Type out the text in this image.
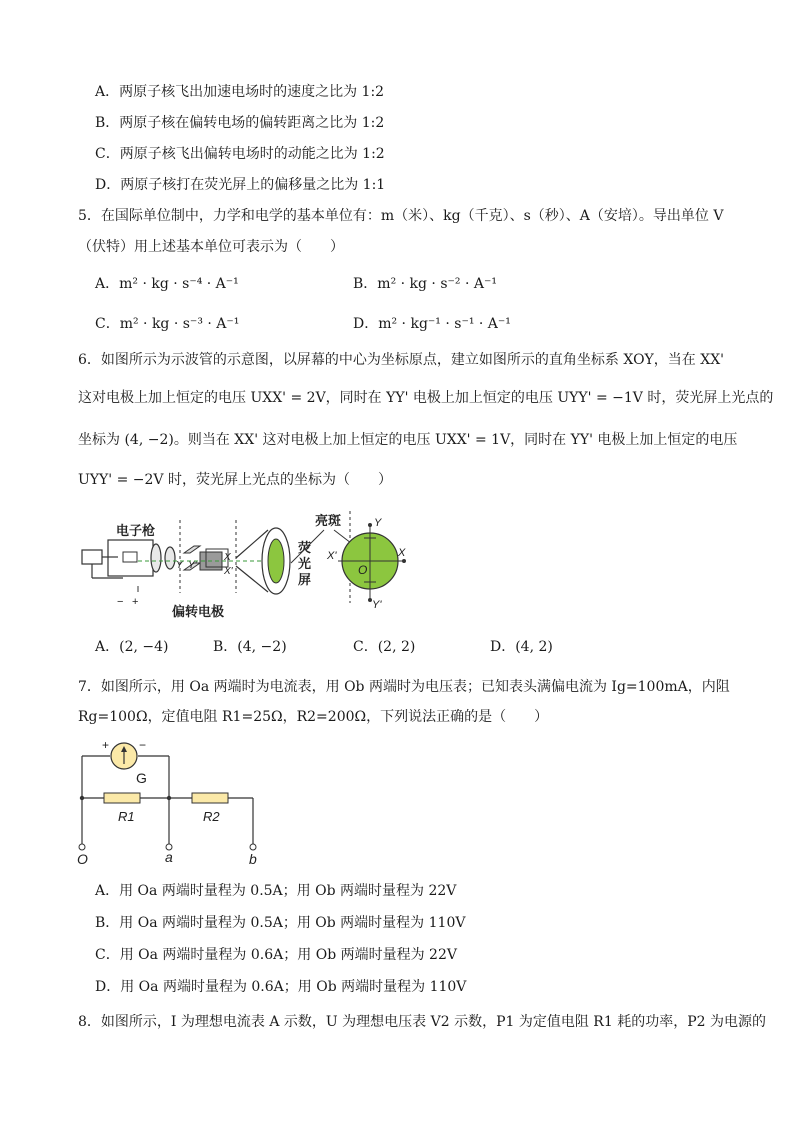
A．两原子核飞出加速电场时的速度之比为 1:2
B．两原子核在偏转电场的偏转距离之比为 1:2
C．两原子核飞出偏转电场时的动能之比为 1:2
D．两原子核打在荧光屏上的偏移量之比为 1:1
5．在国际单位制中，力学和电学的基本单位有：m（米）、kg（千克）、s（秒）、A（安培）。导出单位 V
（伏特）用上述基本单位可表示为（　　）
A．m² · kg · s⁻⁴ · A⁻¹	B．m² · kg · s⁻² · A⁻¹
C．m² · kg · s⁻³ · A⁻¹	D．m² · kg⁻¹ · s⁻¹ · A⁻¹
6．如图所示为示波管的示意图，以屏幕的中心为坐标原点，建立如图所示的直角坐标系 XOY，当在 XX'
这对电极上加上恒定的电压 UXX' = 2V，同时在 YY' 电极上加上恒定的电压 UYY' = −1V 时，荧光屏上光点的
坐标为 (4, −2)。则当在 XX' 这对电极上加上恒定的电压 UXX' = 1V，同时在 YY' 电极上加上恒定的电压
UYY' = −2V 时，荧光屏上光点的坐标为（　　）
电子枪
− +
Y Y'
X
X'
偏转电极
荧
光
屏
亮斑
X'
Y
Y'
X
O
A．(2, −4)	B．(4, −2)	C．(2, 2)	D．(4, 2)
7．如图所示，用 Oa 两端时为电流表，用 Ob 两端时为电压表；已知表头满偏电流为 Ig=100mA，内阻
Rg=100Ω，定值电阻 R1=25Ω，R2=200Ω，下列说法正确的是（　　）
+ −
G
R1	R2
O	a	b
A．用 Oa 两端时量程为 0.5A；用 Ob 两端时量程为 22V
B．用 Oa 两端时量程为 0.5A；用 Ob 两端时量程为 110V
C．用 Oa 两端时量程为 0.6A；用 Ob 两端时量程为 22V
D．用 Oa 两端时量程为 0.6A；用 Ob 两端时量程为 110V
8．如图所示，I 为理想电流表 A 示数，U 为理想电压表 V2 示数，P1 为定值电阻 R1 耗的功率，P2 为电源的
